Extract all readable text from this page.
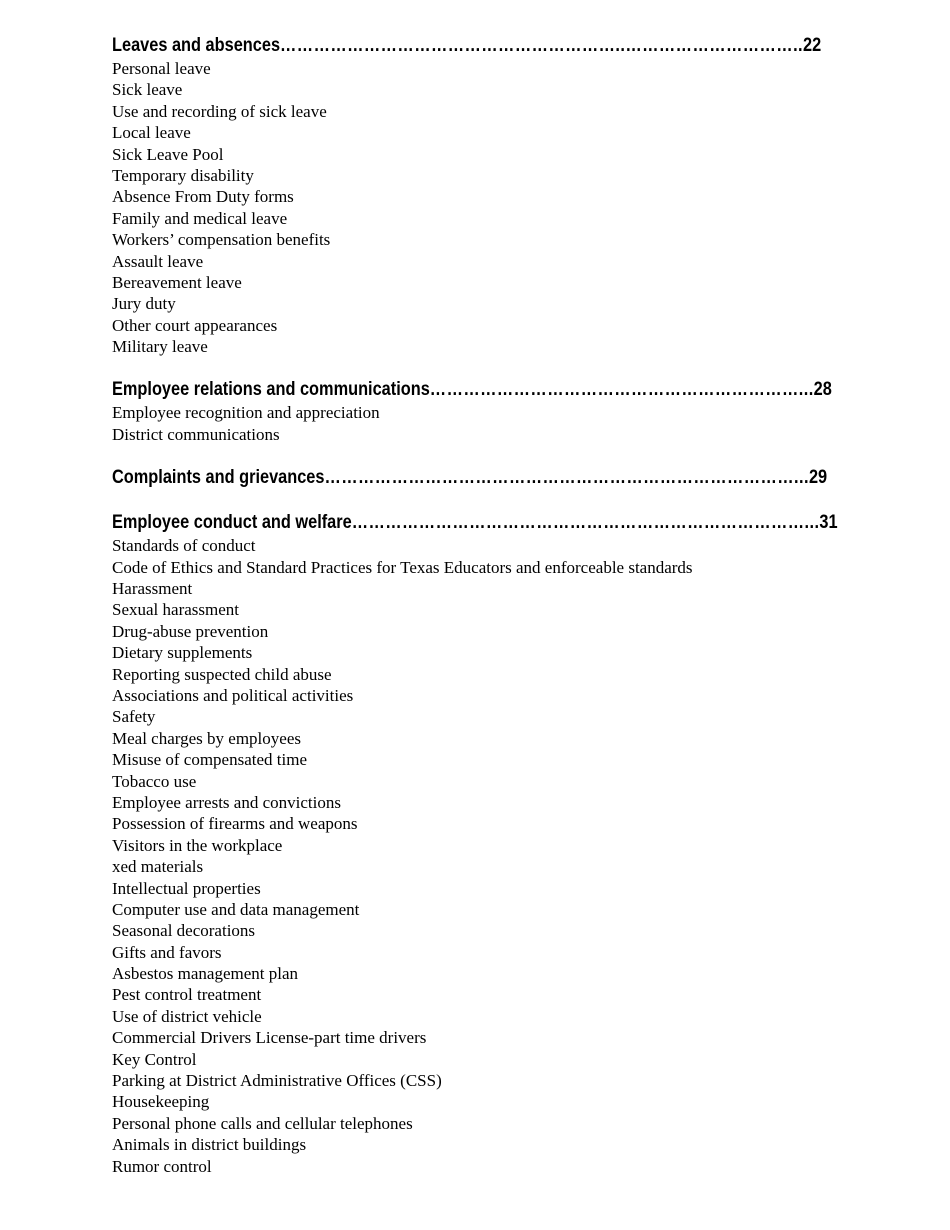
Leaves and absences……………………………………………………..…………………………..22
Personal leave
Sick leave
Use and recording of sick leave
Local leave
Sick Leave Pool
Temporary disability
Absence From Duty forms
Family and medical leave
Workers’ compensation benefits
Assault leave
Bereavement leave
Jury duty
Other court appearances
Military leave
Employee relations and communications…………………………………………………………...28
Employee recognition and appreciation
District communications
Complaints and grievances…………………………………………………………………………...29
Employee conduct and welfare………………………………………………………………………...31
Standards of conduct
Code of Ethics and Standard Practices for Texas Educators and enforceable standards
Harassment
Sexual harassment
Drug-abuse prevention
Dietary supplements
Reporting suspected child abuse
Associations and political activities
Safety
Meal charges by employees
Misuse of compensated time
Tobacco use
Employee arrests and convictions
Possession of firearms and weapons
Visitors in the workplace
xed materials
Intellectual properties
Computer use and data management
Seasonal decorations
Gifts and favors
Asbestos management plan
Pest control treatment
Use of district vehicle
Commercial Drivers License-part time drivers
Key Control
Parking at District Administrative Offices (CSS)
Housekeeping
Personal phone calls and cellular telephones
Animals in district buildings
Rumor control
